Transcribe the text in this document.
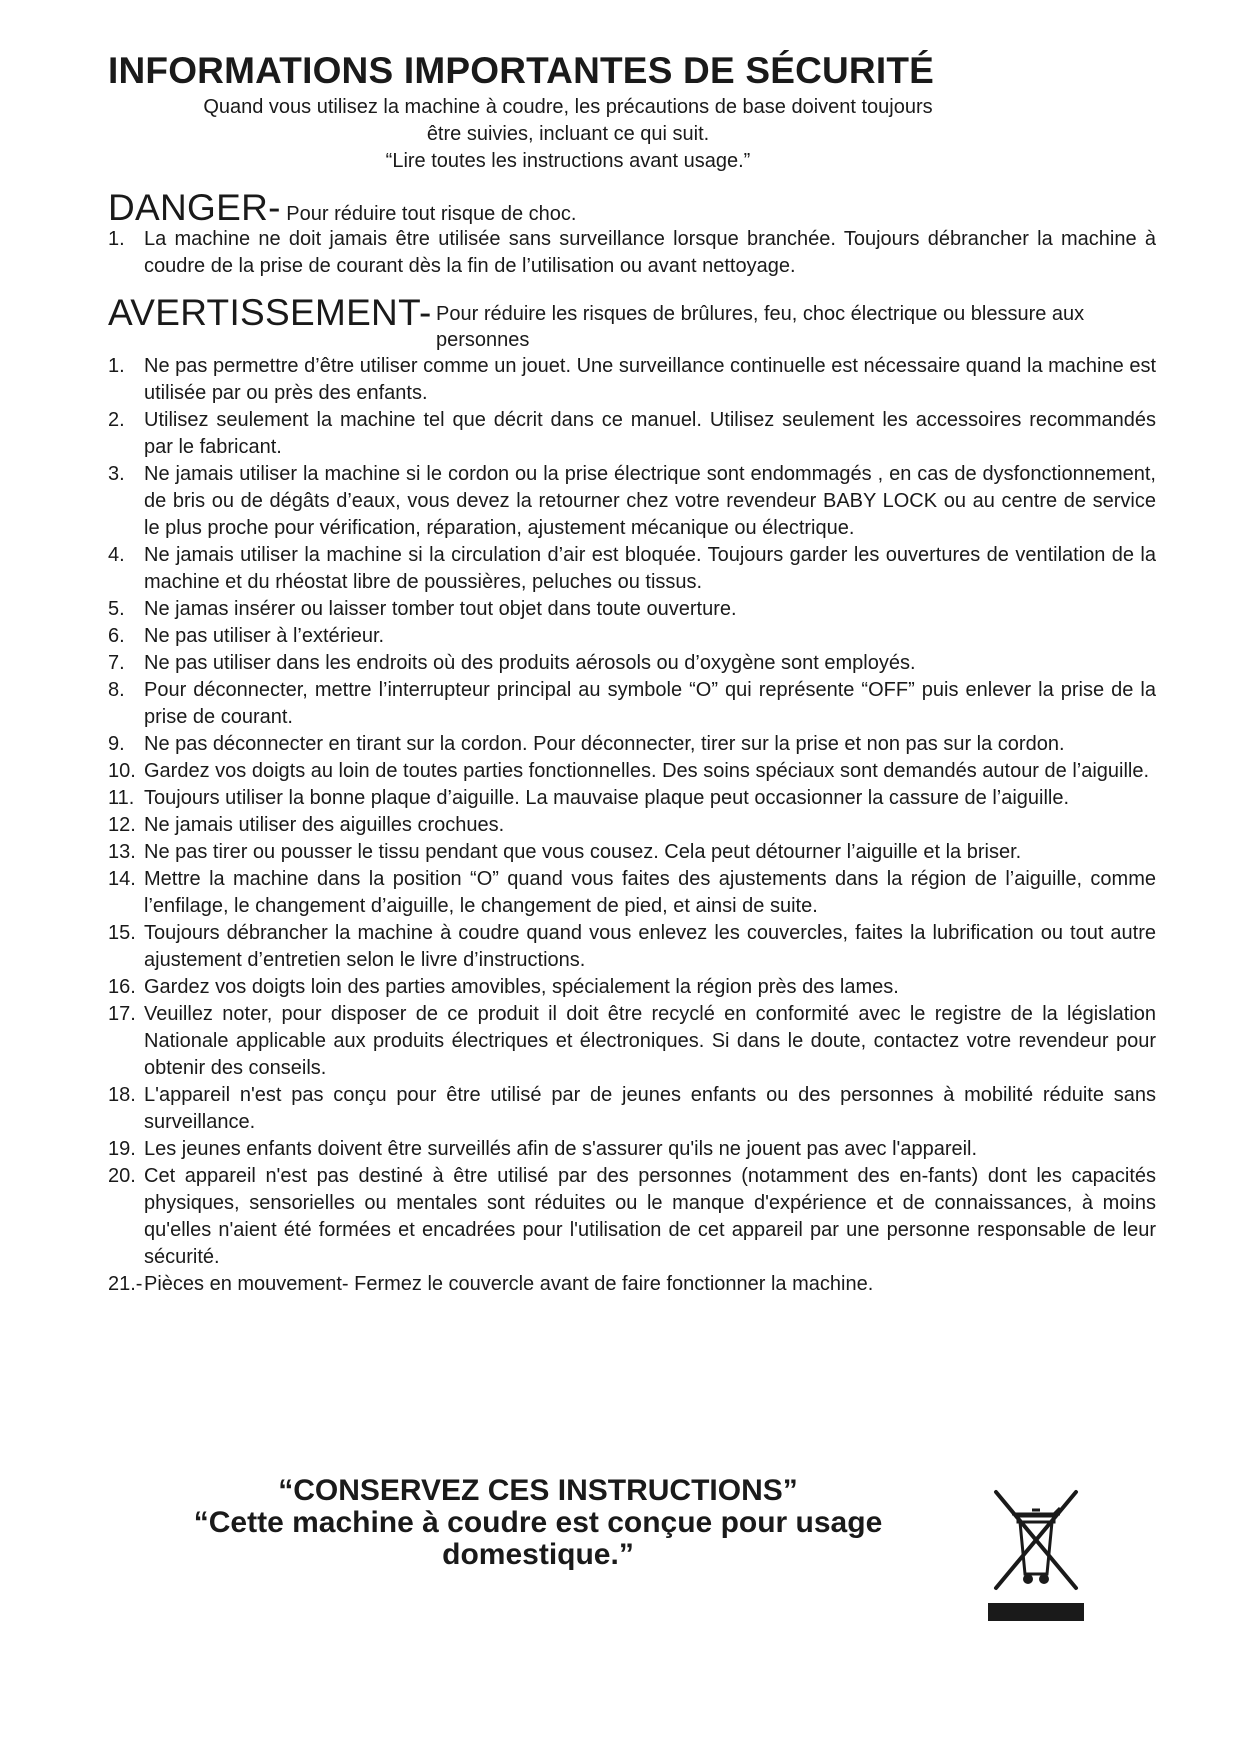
INFORMATIONS IMPORTANTES DE SÉCURITÉ
Quand vous utilisez la machine à coudre, les précautions de base doivent toujours
être suivies, incluant ce qui suit.
“Lire toutes les instructions avant usage.”
DANGER- Pour réduire tout risque de choc.
1. La machine ne doit jamais être utilisée sans surveillance lorsque branchée. Toujours débrancher la machine à coudre de la prise de courant dès la fin de l’utilisation ou avant nettoyage.
AVERTISSEMENT- Pour réduire les risques de brûlures, feu, choc électrique ou blessure aux personnes
1. Ne pas permettre d’être utiliser comme un jouet. Une surveillance continuelle est nécessaire quand la machine est utilisée par ou près des enfants.
2. Utilisez seulement la machine tel que décrit dans ce manuel. Utilisez seulement les accessoires recommandés par le fabricant.
3. Ne jamais utiliser la machine si le cordon ou la prise électrique sont endommagés , en cas de dysfonctionnement, de bris ou de dégâts d’eaux, vous devez la retourner chez votre revendeur BABY LOCK ou au centre de service le plus proche pour vérification, réparation, ajustement mécanique ou électrique.
4. Ne jamais utiliser la machine si la circulation d’air est bloquée. Toujours garder les ouvertures de ventilation de la machine et du rhéostat libre de poussières, peluches ou tissus.
5. Ne jamas insérer ou laisser tomber tout objet dans toute ouverture.
6. Ne pas utiliser à l’extérieur.
7. Ne pas utiliser dans les endroits où des produits aérosols ou d’oxygène sont employés.
8. Pour déconnecter, mettre l’interrupteur principal au symbole “O” qui représente “OFF” puis enlever la prise de la prise de courant.
9. Ne pas déconnecter en tirant sur la cordon. Pour déconnecter, tirer sur la prise et non pas sur la cordon.
10. Gardez vos doigts au loin de toutes parties fonctionnelles. Des soins spéciaux sont demandés autour de l’aiguille.
11. Toujours utiliser la bonne plaque d’aiguille. La mauvaise plaque peut occasionner la cassure de l’aiguille.
12. Ne jamais utiliser des aiguilles crochues.
13. Ne pas tirer ou pousser le tissu pendant que vous cousez. Cela peut détourner l’aiguille et la briser.
14. Mettre la machine dans la position “O” quand vous faites des ajustements dans la région de l’aiguille, comme l’enfilage, le changement d’aiguille, le changement de pied, et ainsi de suite.
15. Toujours débrancher la machine à coudre quand vous enlevez les couvercles, faites la lubrification ou tout autre ajustement d’entretien selon le livre d’instructions.
16. Gardez vos doigts loin des parties amovibles, spécialement la région près des lames.
17. Veuillez noter, pour disposer de ce produit il doit être recyclé en conformité avec le registre de la législation Nationale applicable aux produits électriques et électroniques. Si dans le doute, contactez votre revendeur pour obtenir des conseils.
18. L'appareil n'est pas conçu pour être utilisé par de jeunes enfants ou des personnes à mobilité réduite sans surveillance.
19. Les jeunes enfants doivent être surveillés afin de s'assurer qu'ils ne jouent pas avec l'appareil.
20. Cet appareil n'est pas destiné à être utilisé par des personnes (notamment des en-fants) dont les capacités physiques, sensorielles ou mentales sont réduites ou le manque d'expérience et de connaissances, à moins qu'elles n'aient été formées et encadrées pour l'utilisation de cet appareil par une personne responsable de leur sécurité.
21.- Pièces en mouvement- Fermez le couvercle avant de faire fonctionner la machine.
“CONSERVEZ CES INSTRUCTIONS”
“Cette machine à coudre est conçue pour usage domestique.”
